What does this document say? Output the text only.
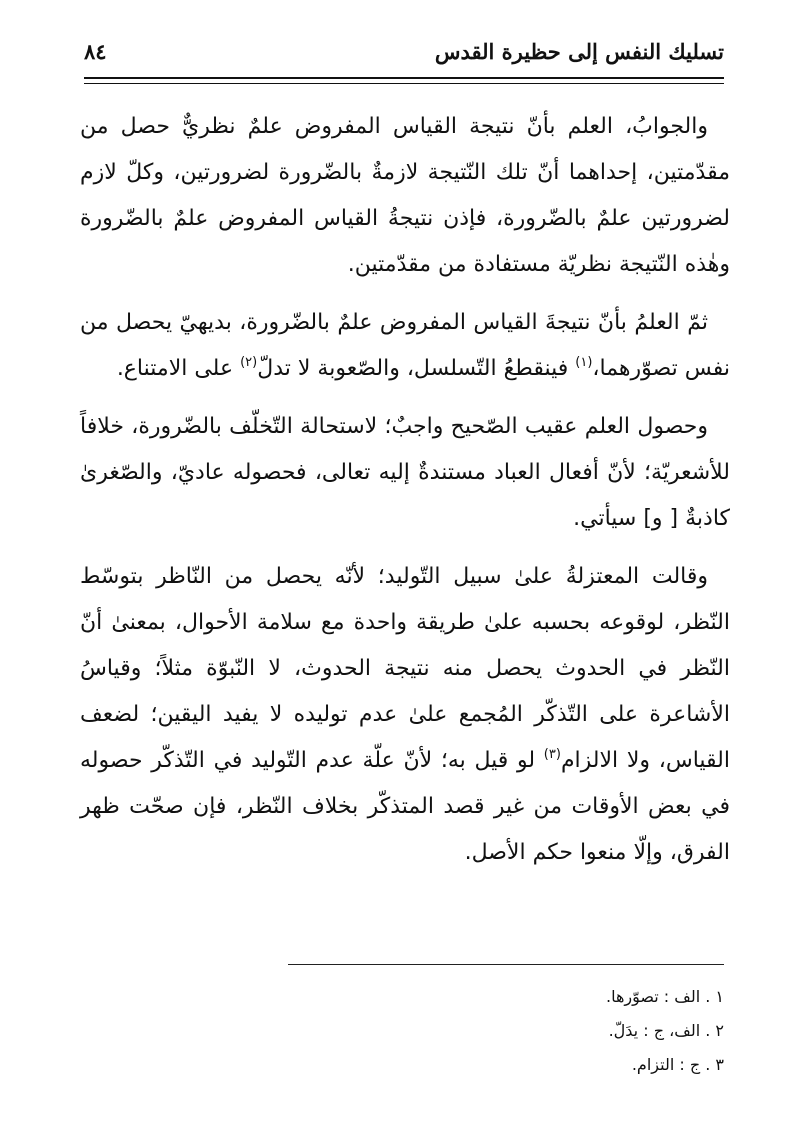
تسليك النفس إلى حظيرة القدس
٨٤

والجوابُ، العلم بأنّ نتيجة القياس المفروض علمٌ نظريٌّ حصل من مقدّمتين، إحداهما أنّ تلك النّتيجة لازمةٌ بالضّرورة لضرورتين، وكلّ لازم لضرورتين علمٌ بالضّرورة، فإذن نتيجةُ القياس المفروض علمٌ بالضّرورة وهٰذه النّتيجة نظريّة مستفادة من مقدّمتين.

ثمّ العلمُ بأنّ نتيجةَ القياس المفروض علمٌ بالضّرورة، بديهيّ يحصل من نفس تصوّرهما،$^{(١)}$ فينقطعُ التّسلسل، والصّعوبة لا تدلّ$^{(٢)}$ على الامتناع.

وحصول العلم عقيب الصّحيح واجبٌ؛ لاستحالة التّخلّف بالضّرورة، خلافاً للأشعريّة؛ لأنّ أفعال العباد مستندةٌ إليه تعالى، فحصوله عاديّ، والصّغرىٰ كاذبةٌ [ و] سيأتي.

وقالت المعتزلةُ علىٰ سبيل التّوليد؛ لأنّه يحصل من النّاظر بتوسّط النّظر، لوقوعه بحسبه علىٰ طريقة واحدة مع سلامة الأحوال، بمعنىٰ أنّ النّظر في الحدوث يحصل منه نتيجة الحدوث، لا النّبوّة مثلاً؛ وقياسُ الأشاعرة على التّذكّر المُجمع علىٰ عدم توليده لا يفيد اليقين؛ لضعف القياس، ولا الالزام$^{(٣)}$ لو قيل به؛ لأنّ علّة عدم التّوليد في التّذكّر حصوله في بعض الأوقات من غير قصد المتذكّر بخلاف النّظر، فإن صحّت ظهر الفرق، وإلّا منعوا حكم الأصل.

١ . الف : تصوّرها.

٢ . الف، ج : يدَلّ.

٣ . ج : التزام.
